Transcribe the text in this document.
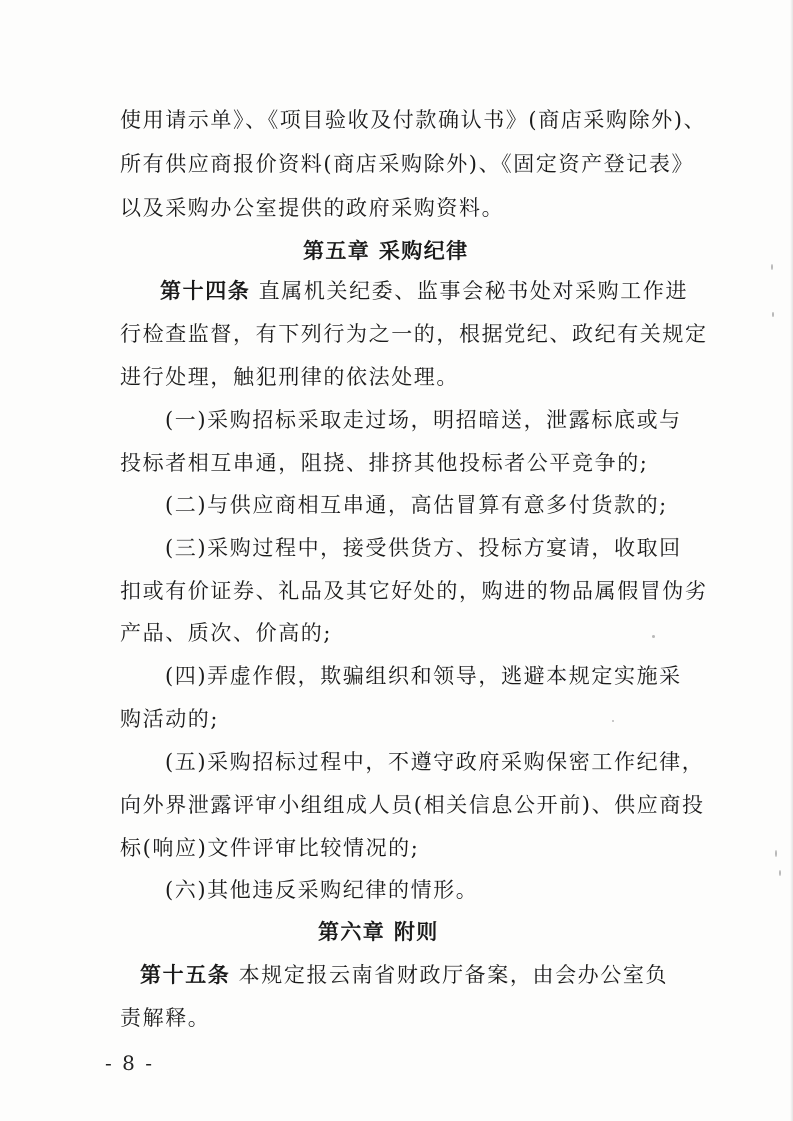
使用请示单》、《项目验收及付款确认书》(商店采购除外)、
所有供应商报价资料(商店采购除外)、《固定资产登记表》
以及采购办公室提供的政府采购资料。
第五章 采购纪律
第十四条 直属机关纪委、监事会秘书处对采购工作进
行检查监督，有下列行为之一的，根据党纪、政纪有关规定
进行处理，触犯刑律的依法处理。
(一)采购招标采取走过场，明招暗送，泄露标底或与
投标者相互串通，阻挠、排挤其他投标者公平竞争的;
(二)与供应商相互串通，高估冒算有意多付货款的;
(三)采购过程中，接受供货方、投标方宴请，收取回
扣或有价证券、礼品及其它好处的，购进的物品属假冒伪劣
产品、质次、价高的;
(四)弄虚作假，欺骗组织和领导，逃避本规定实施采
购活动的;
(五)采购招标过程中，不遵守政府采购保密工作纪律，
向外界泄露评审小组组成人员(相关信息公开前)、供应商投
标(响应)文件评审比较情况的;
(六)其他违反采购纪律的情形。
第六章 附则
第十五条 本规定报云南省财政厅备案，由会办公室负
责解释。
- 8 -
